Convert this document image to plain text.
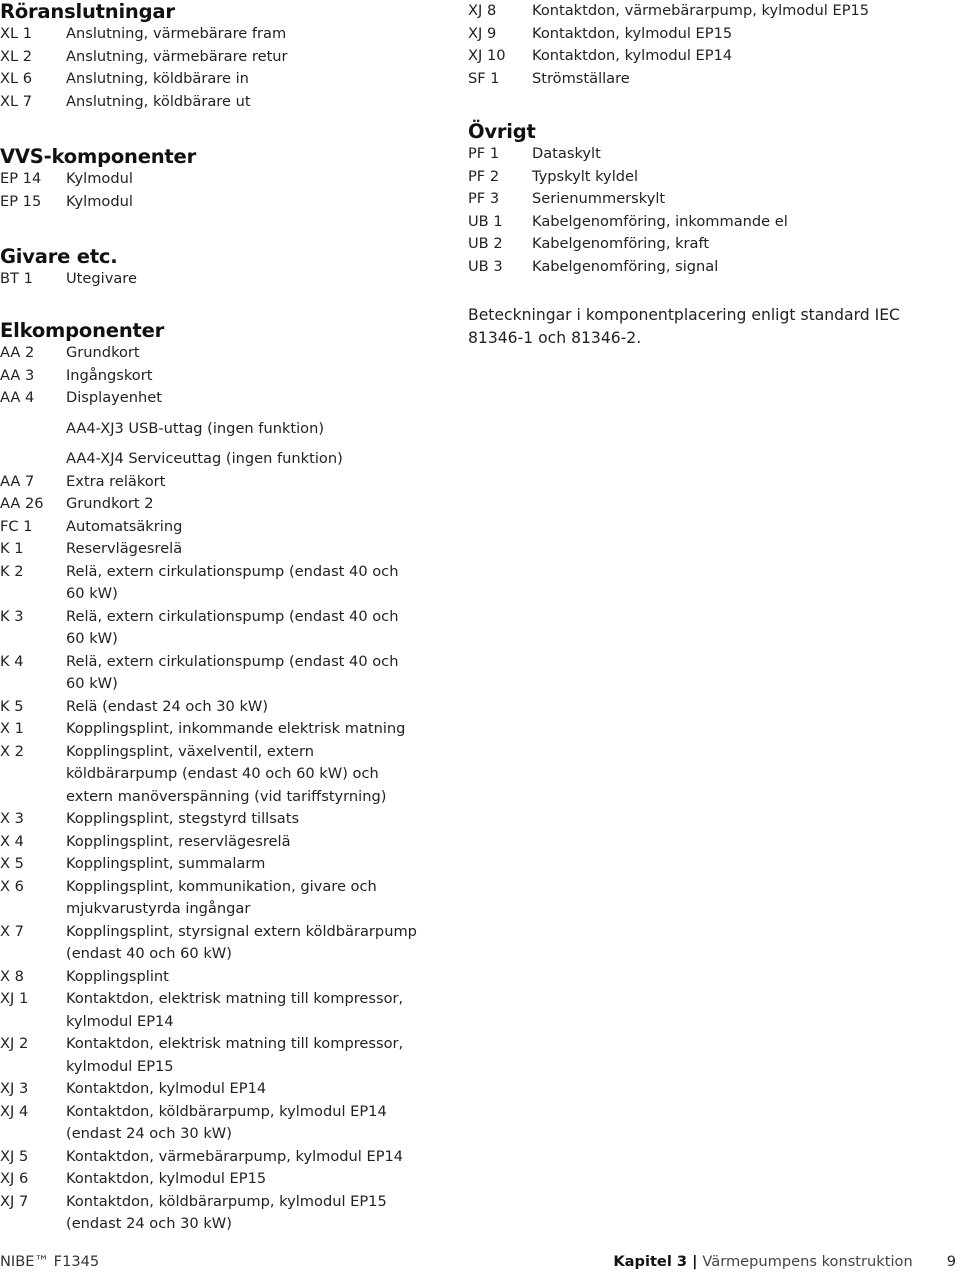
Röranslutningar
XL 1	Anslutning, värmebärare fram
XL 2	Anslutning, värmebärare retur
XL 6	Anslutning, köldbärare in
XL 7	Anslutning, köldbärare ut
VVS-komponenter
EP 14	Kylmodul
EP 15	Kylmodul
Givare etc.
BT 1	Utegivare
Elkomponenter
AA 2	Grundkort
AA 3	Ingångskort
AA 4	Displayenhet
AA4-XJ3 USB-uttag (ingen funktion)
AA4-XJ4 Serviceuttag (ingen funktion)
AA 7	Extra reläkort
AA 26	Grundkort 2
FC 1	Automatsäkring
K 1	Reservlägesrelä
K 2	Relä, extern cirkulationspump (endast 40 och 60 kW)
K 3	Relä, extern cirkulationspump (endast 40 och 60 kW)
K 4	Relä, extern cirkulationspump (endast 40 och 60 kW)
K 5	Relä (endast 24 och 30 kW)
X 1	Kopplingsplint, inkommande elektrisk matning
X 2	Kopplingsplint, växelventil, extern köldbärarpump (endast 40 och 60 kW) och extern manöverspänning (vid tariffstyrning)
X 3	Kopplingsplint, stegstyrd tillsats
X 4	Kopplingsplint, reservlägesrelä
X 5	Kopplingsplint, summalarm
X 6	Kopplingsplint, kommunikation, givare och mjukvarustyrda ingångar
X 7	Kopplingsplint, styrsignal extern köldbärarpump (endast 40 och 60 kW)
X 8	Kopplingsplint
XJ 1	Kontaktdon, elektrisk matning till kompressor, kylmodul EP14
XJ 2	Kontaktdon, elektrisk matning till kompressor, kylmodul EP15
XJ 3	Kontaktdon, kylmodul EP14
XJ 4	Kontaktdon, köldbärarpump, kylmodul EP14 (endast 24 och 30 kW)
XJ 5	Kontaktdon, värmebärarpump, kylmodul EP14
XJ 6	Kontaktdon, kylmodul EP15
XJ 7	Kontaktdon, köldbärarpump, kylmodul EP15 (endast 24 och 30 kW)
XJ 8	Kontaktdon, värmebärarpump, kylmodul EP15
XJ 9	Kontaktdon, kylmodul EP15
XJ 10	Kontaktdon, kylmodul EP14
SF 1	Strömställare
Övrigt
PF 1	Dataskylt
PF 2	Typskylt kyldel
PF 3	Serienummerskylt
UB 1	Kabelgenomföring, inkommande el
UB 2	Kabelgenomföring, kraft
UB 3	Kabelgenomföring, signal
Beteckningar i komponentplacering enligt standard IEC 81346-1 och 81346-2.
NIBE™ F1345	Kapitel 3 | Värmepumpens konstruktion 9
